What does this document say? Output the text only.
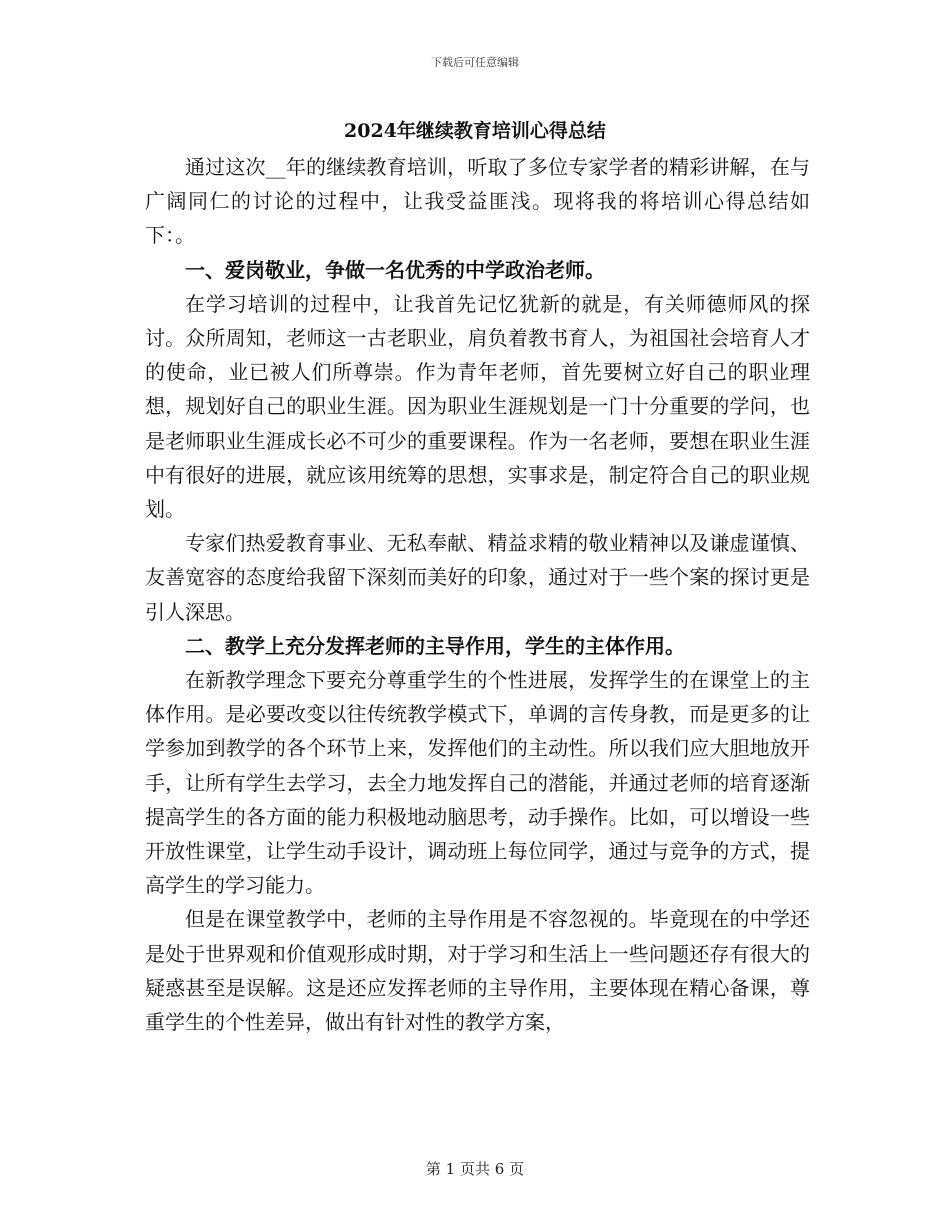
下载后可任意编辑
2024年继续教育培训心得总结

通过这次__年的继续教育培训，听取了多位专家学者的精彩讲解，在与广阔同仁的讨论的过程中，让我受益匪浅。现将我的将培训心得总结如下：。

一、爱岗敬业，争做一名优秀的中学政治老师。

在学习培训的过程中，让我首先记忆犹新的就是，有关师德师风的探讨。众所周知，老师这一古老职业，肩负着教书育人，为祖国社会培育人才的使命，业已被人们所尊崇。作为青年老师，首先要树立好自己的职业理想，规划好自己的职业生涯。因为职业生涯规划是一门十分重要的学问，也是老师职业生涯成长必不可少的重要课程。作为一名老师，要想在职业生涯中有很好的进展，就应该用统筹的思想，实事求是，制定符合自己的职业规划。

专家们热爱教育事业、无私奉献、精益求精的敬业精神以及谦虚谨慎、友善宽容的态度给我留下深刻而美好的印象，通过对于一些个案的探讨更是引人深思。

二、教学上充分发挥老师的主导作用，学生的主体作用。

在新教学理念下要充分尊重学生的个性进展，发挥学生的在课堂上的主体作用。是必要改变以往传统教学模式下，单调的言传身教，而是更多的让学参加到教学的各个环节上来，发挥他们的主动性。所以我们应大胆地放开手，让所有学生去学习，去全力地发挥自己的潜能，并通过老师的培育逐渐提高学生的各方面的能力积极地动脑思考，动手操作。比如，可以增设一些开放性课堂，让学生动手设计，调动班上每位同学，通过与竞争的方式，提高学生的学习能力。

但是在课堂教学中，老师的主导作用是不容忽视的。毕竟现在的中学还是处于世界观和价值观形成时期，对于学习和生活上一些问题还存有很大的疑惑甚至是误解。这是还应发挥老师的主导作用，主要体现在精心备课，尊重学生的个性差异，做出有针对性的教学方案，

第 1 页共 6 页
